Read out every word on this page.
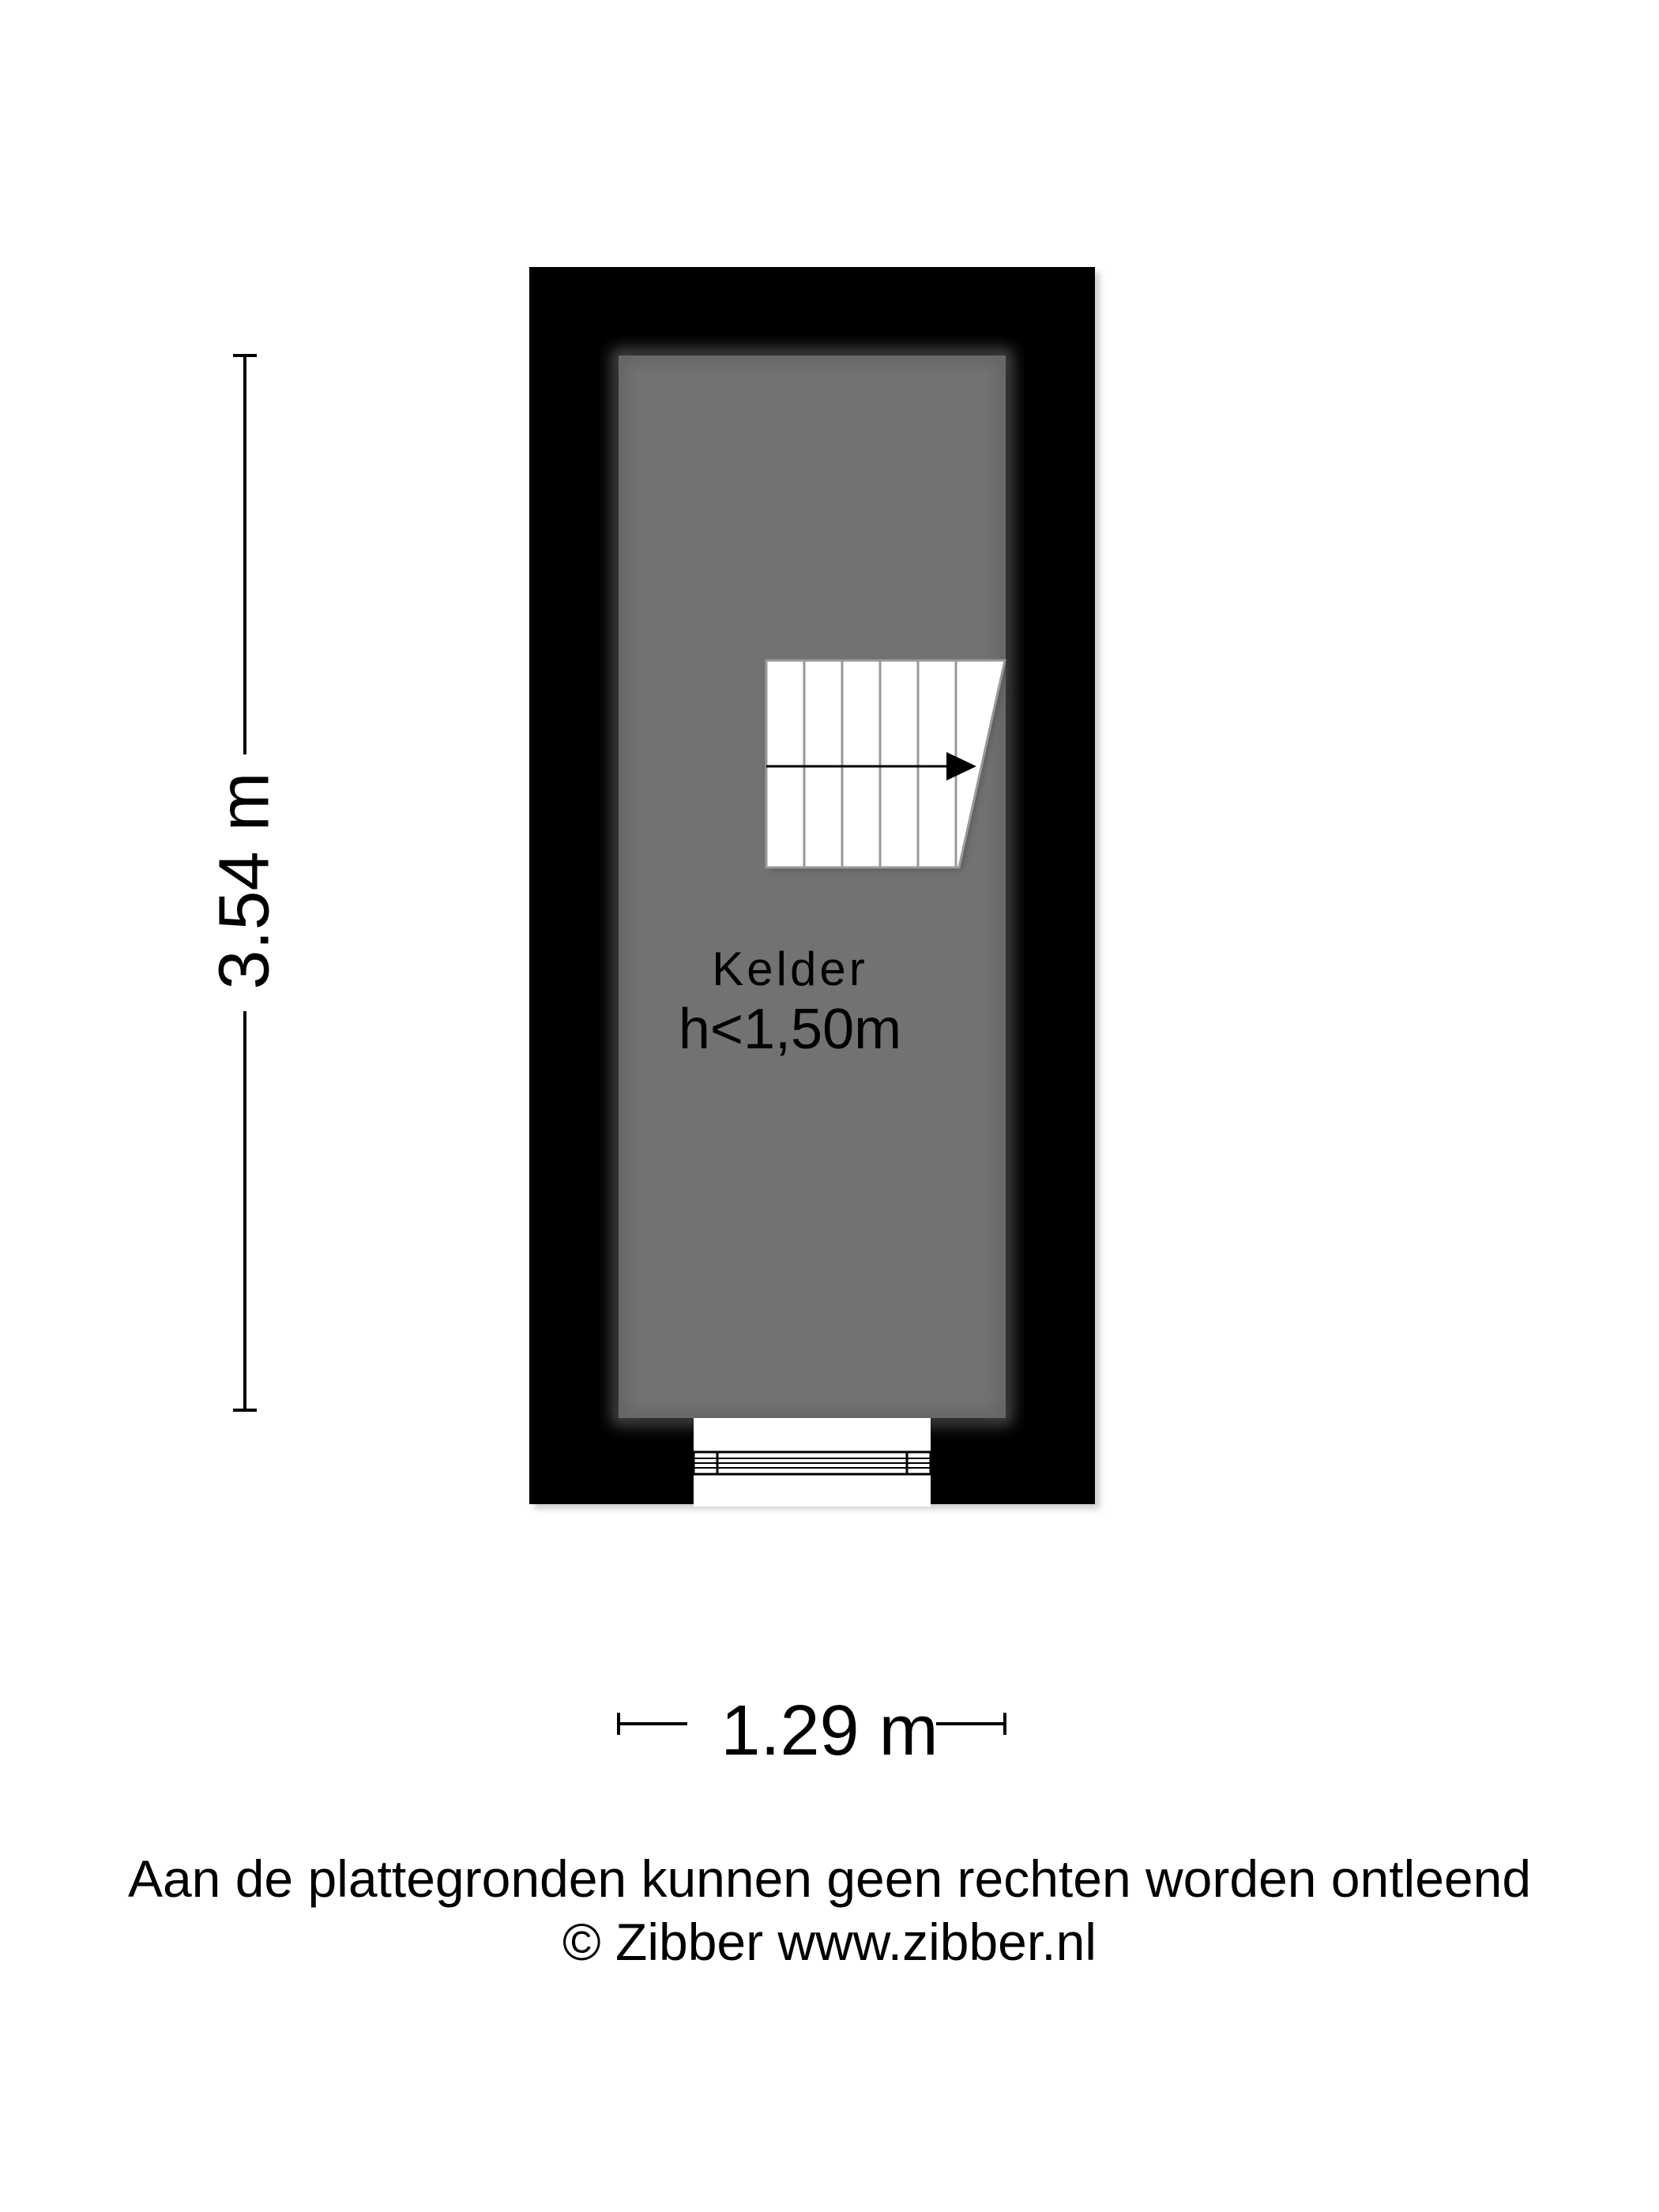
Kelder
h<1,50m
3.54 m
1.29 m
Aan de plattegronden kunnen geen rechten worden ontleend
© Zibber www.zibber.nl
